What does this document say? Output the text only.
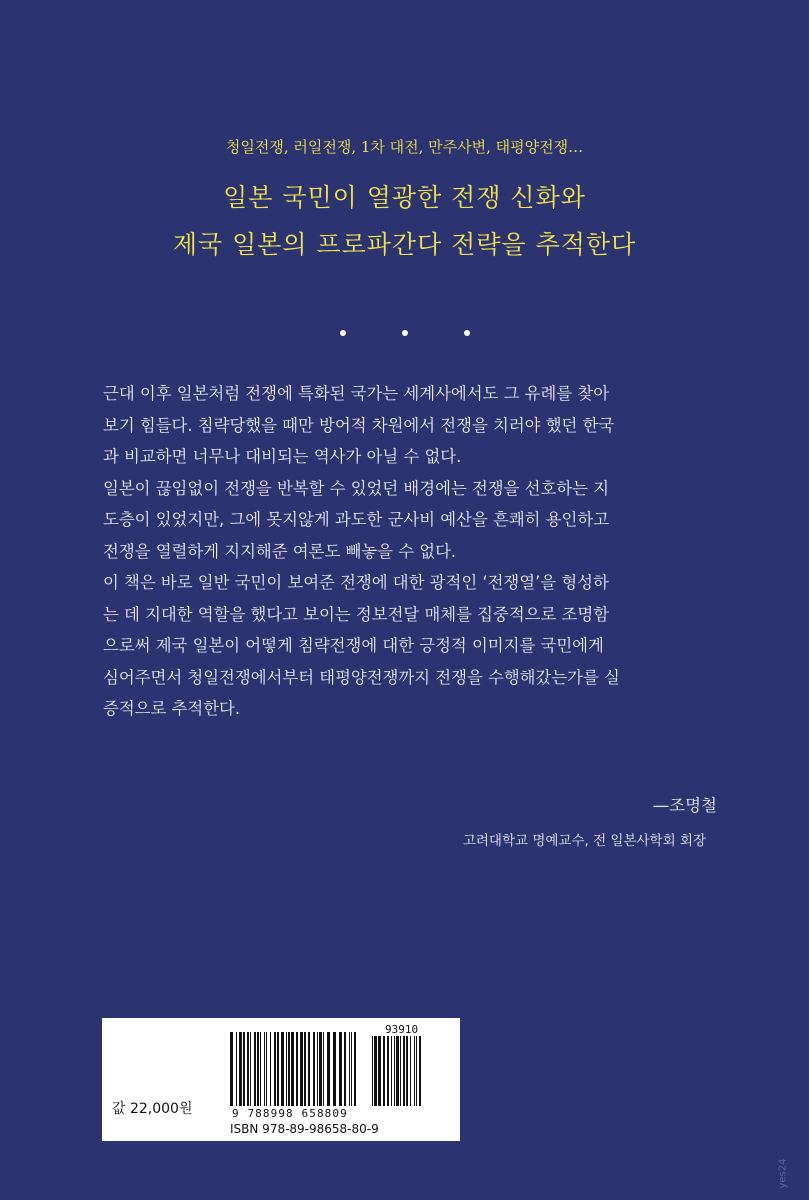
청일전쟁, 러일전쟁, 1차 대전, 만주사변, 태평양전쟁…
일본 국민이 열광한 전쟁 신화와
제국 일본의 프로파간다 전략을 추적한다

근대 이후 일본처럼 전쟁에 특화된 국가는 세계사에서도 그 유례를 찾아

보기 힘들다. 침략당했을 때만 방어적 차원에서 전쟁을 치러야 했던 한국

과 비교하면 너무나 대비되는 역사가 아닐 수 없다.

일본이 끊임없이 전쟁을 반복할 수 있었던 배경에는 전쟁을 선호하는 지

도층이 있었지만, 그에 못지않게 과도한 군사비 예산을 흔쾌히 용인하고

전쟁을 열렬하게 지지해준 여론도 빼놓을 수 없다.

이 책은 바로 일반 국민이 보여준 전쟁에 대한 광적인 ‘전쟁열’을 형성하

는 데 지대한 역할을 했다고 보이는 정보전달 매체를 집중적으로 조명함

으로써 제국 일본이 어떻게 침략전쟁에 대한 긍정적 이미지를 국민에게

심어주면서 청일전쟁에서부터 태평양전쟁까지 전쟁을 수행해갔는가를 실

증적으로 추적한다.

—조명철
고려대학교 명예교수, 전 일본사학회 회장
값 22,000원
93910
9 788998 658809
ISBN 978-89-98658-80-9
yes24
